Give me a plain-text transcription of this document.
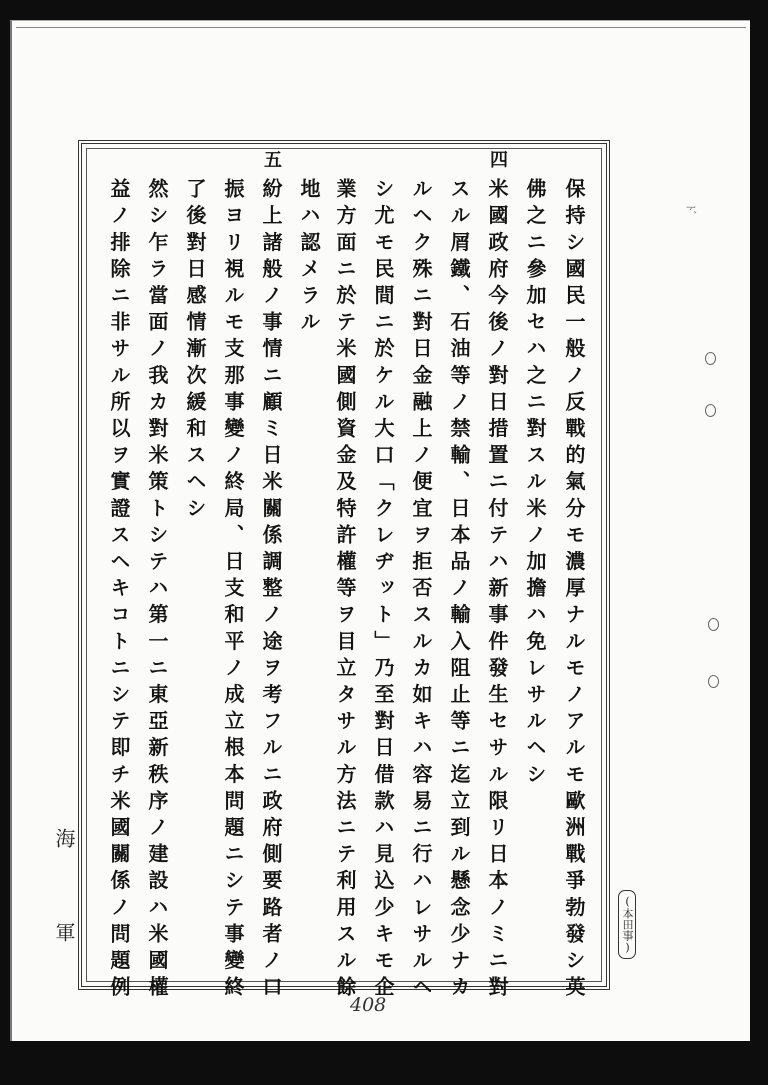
四
五
保持シ國民一般ノ反戰的氣分モ濃厚ナルモノアルモ歐洲戰爭勃發シ英
佛之ニ參加セハ之ニ對スル米ノ加擔ハ免レサルヘシ
米國政府今後ノ對日措置ニ付テハ新事件發生セサル限リ日本ノミニ對
スル屑鐵、石油等ノ禁輸、日本品ノ輸入阻止等ニ迄立到ル懸念少ナカ
ルヘク殊ニ對日金融上ノ便宜ヲ拒否スルカ如キハ容易ニ行ハレサルヘ
シ尤モ民間ニ於ケル大口「クレヂット」乃至對日借款ハ見込少キモ企
業方面ニ於テ米國側資金及特許權等ヲ目立タサル方法ニテ利用スル餘
地ハ認メラル
紛上諸般ノ事情ニ顧ミ日米關係調整ノ途ヲ考フルニ政府側要路者ノ口
振ヨリ視ルモ支那事變ノ終局、日支和平ノ成立根本問題ニシテ事變終
了後對日感情漸次緩和スヘシ
然シ乍ラ當面ノ我カ對米策トシテハ第一ニ東亞新秩序ノ建設ハ米國權
益ノ排除ニ非サル所以ヲ實證スヘキコトニシテ即チ米國關係ノ問題例
海軍	(本田事)
408
ﾄﾞ
